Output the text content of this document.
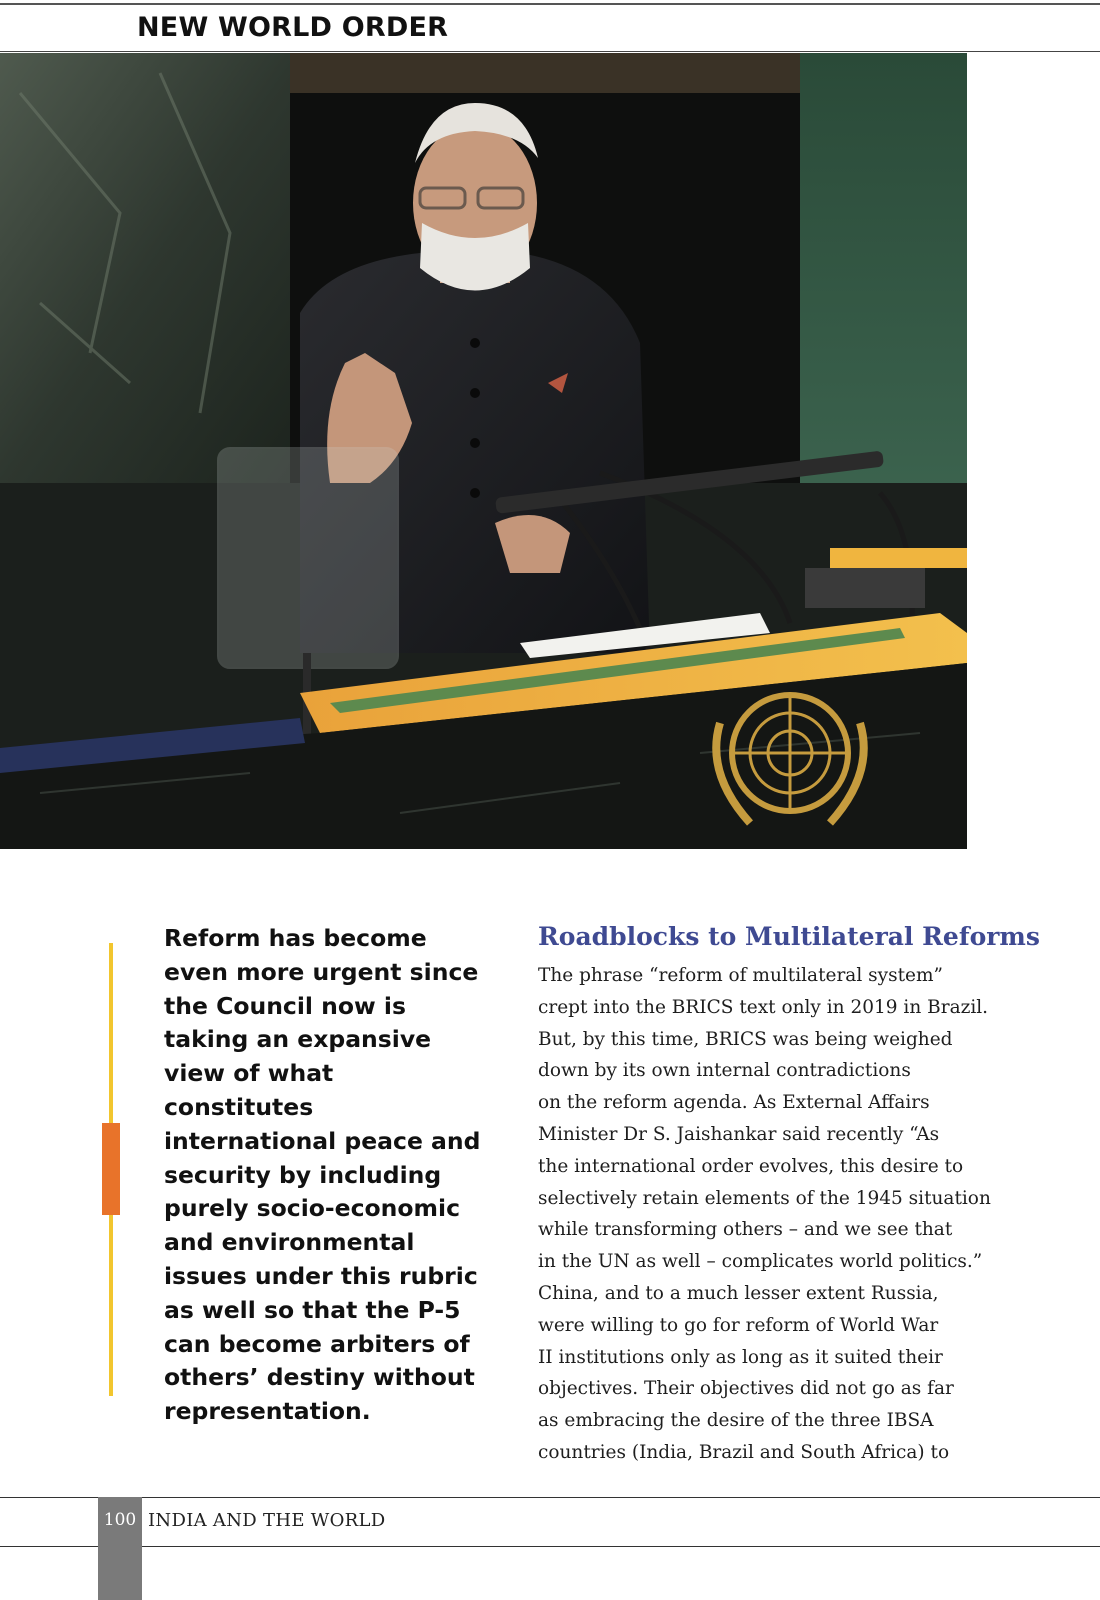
NEW WORLD ORDER
Reform has become
even more urgent since
the Council now is
taking an expansive
view of what constitutes
international peace and
security by including
purely socio-economic
and environmental
issues under this rubric
as well so that the P-5
can become arbiters of
others’ destiny without
representation.
Roadblocks to Multilateral Reforms
The phrase “reform of multilateral system”
crept into the BRICS text only in 2019 in Brazil.
But, by this time, BRICS was being weighed
down by its own internal contradictions
on the reform agenda. As External Affairs
Minister Dr S. Jaishankar said recently “As
the international order evolves, this desire to
selectively retain elements of the 1945 situation
while transforming others – and we see that
in the UN as well – complicates world politics.”
China, and to a much lesser extent Russia,
were willing to go for reform of World War
II institutions only as long as it suited their
objectives. Their objectives did not go as far
as embracing the desire of the three IBSA
countries (India, Brazil and South Africa) to
100 INDIA AND THE WORLD
